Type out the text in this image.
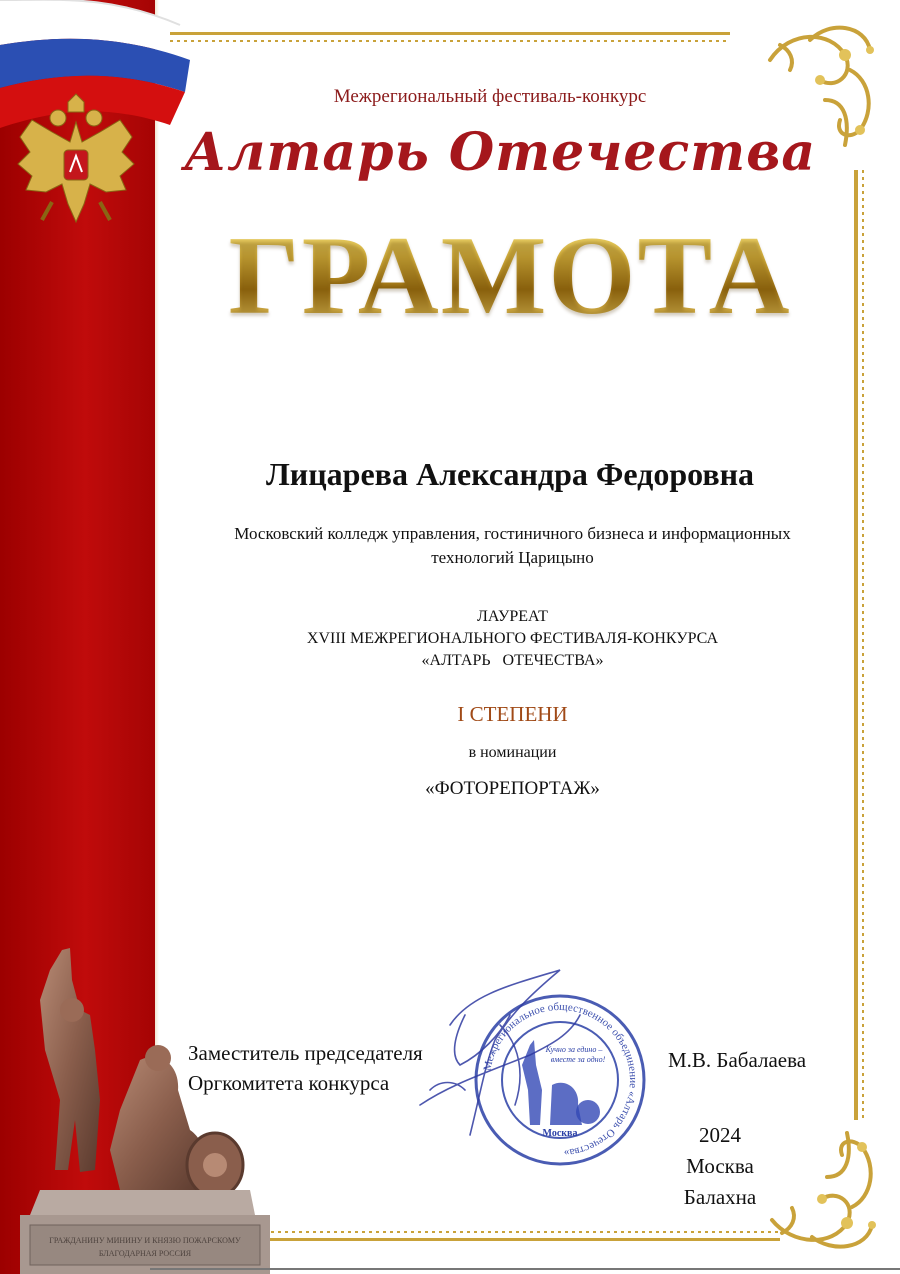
Межрегиональный фестиваль-конкурс
Алтарь Отечества
ГРАМОТА
Лицарева Александра Федоровна
Московский колледж управления, гостиничного бизнеса и информационных
технологий Царицыно
ЛАУРЕАТ
XVIII МЕЖРЕГИОНАЛЬНОГО ФЕСТИВАЛЯ-КОНКУРСА
«АЛТАРЬ   ОТЕЧЕСТВА»
I СТЕПЕНИ
в номинации
«ФОТОРЕПОРТАЖ»
ГРАЖДАНИНУ МИНИНУ И КНЯЗЮ ПОЖАРСКОМУ
БЛАГОДАРНАЯ РОССИЯ
Заместитель председателя
Оргкомитета конкурса
М.В. Бабалаева
Межрегиональное общественное объединение «Алтарь Отечества»
Кучно за едино –
вместе за одно!
Москва	2024
Москва
Балахна
